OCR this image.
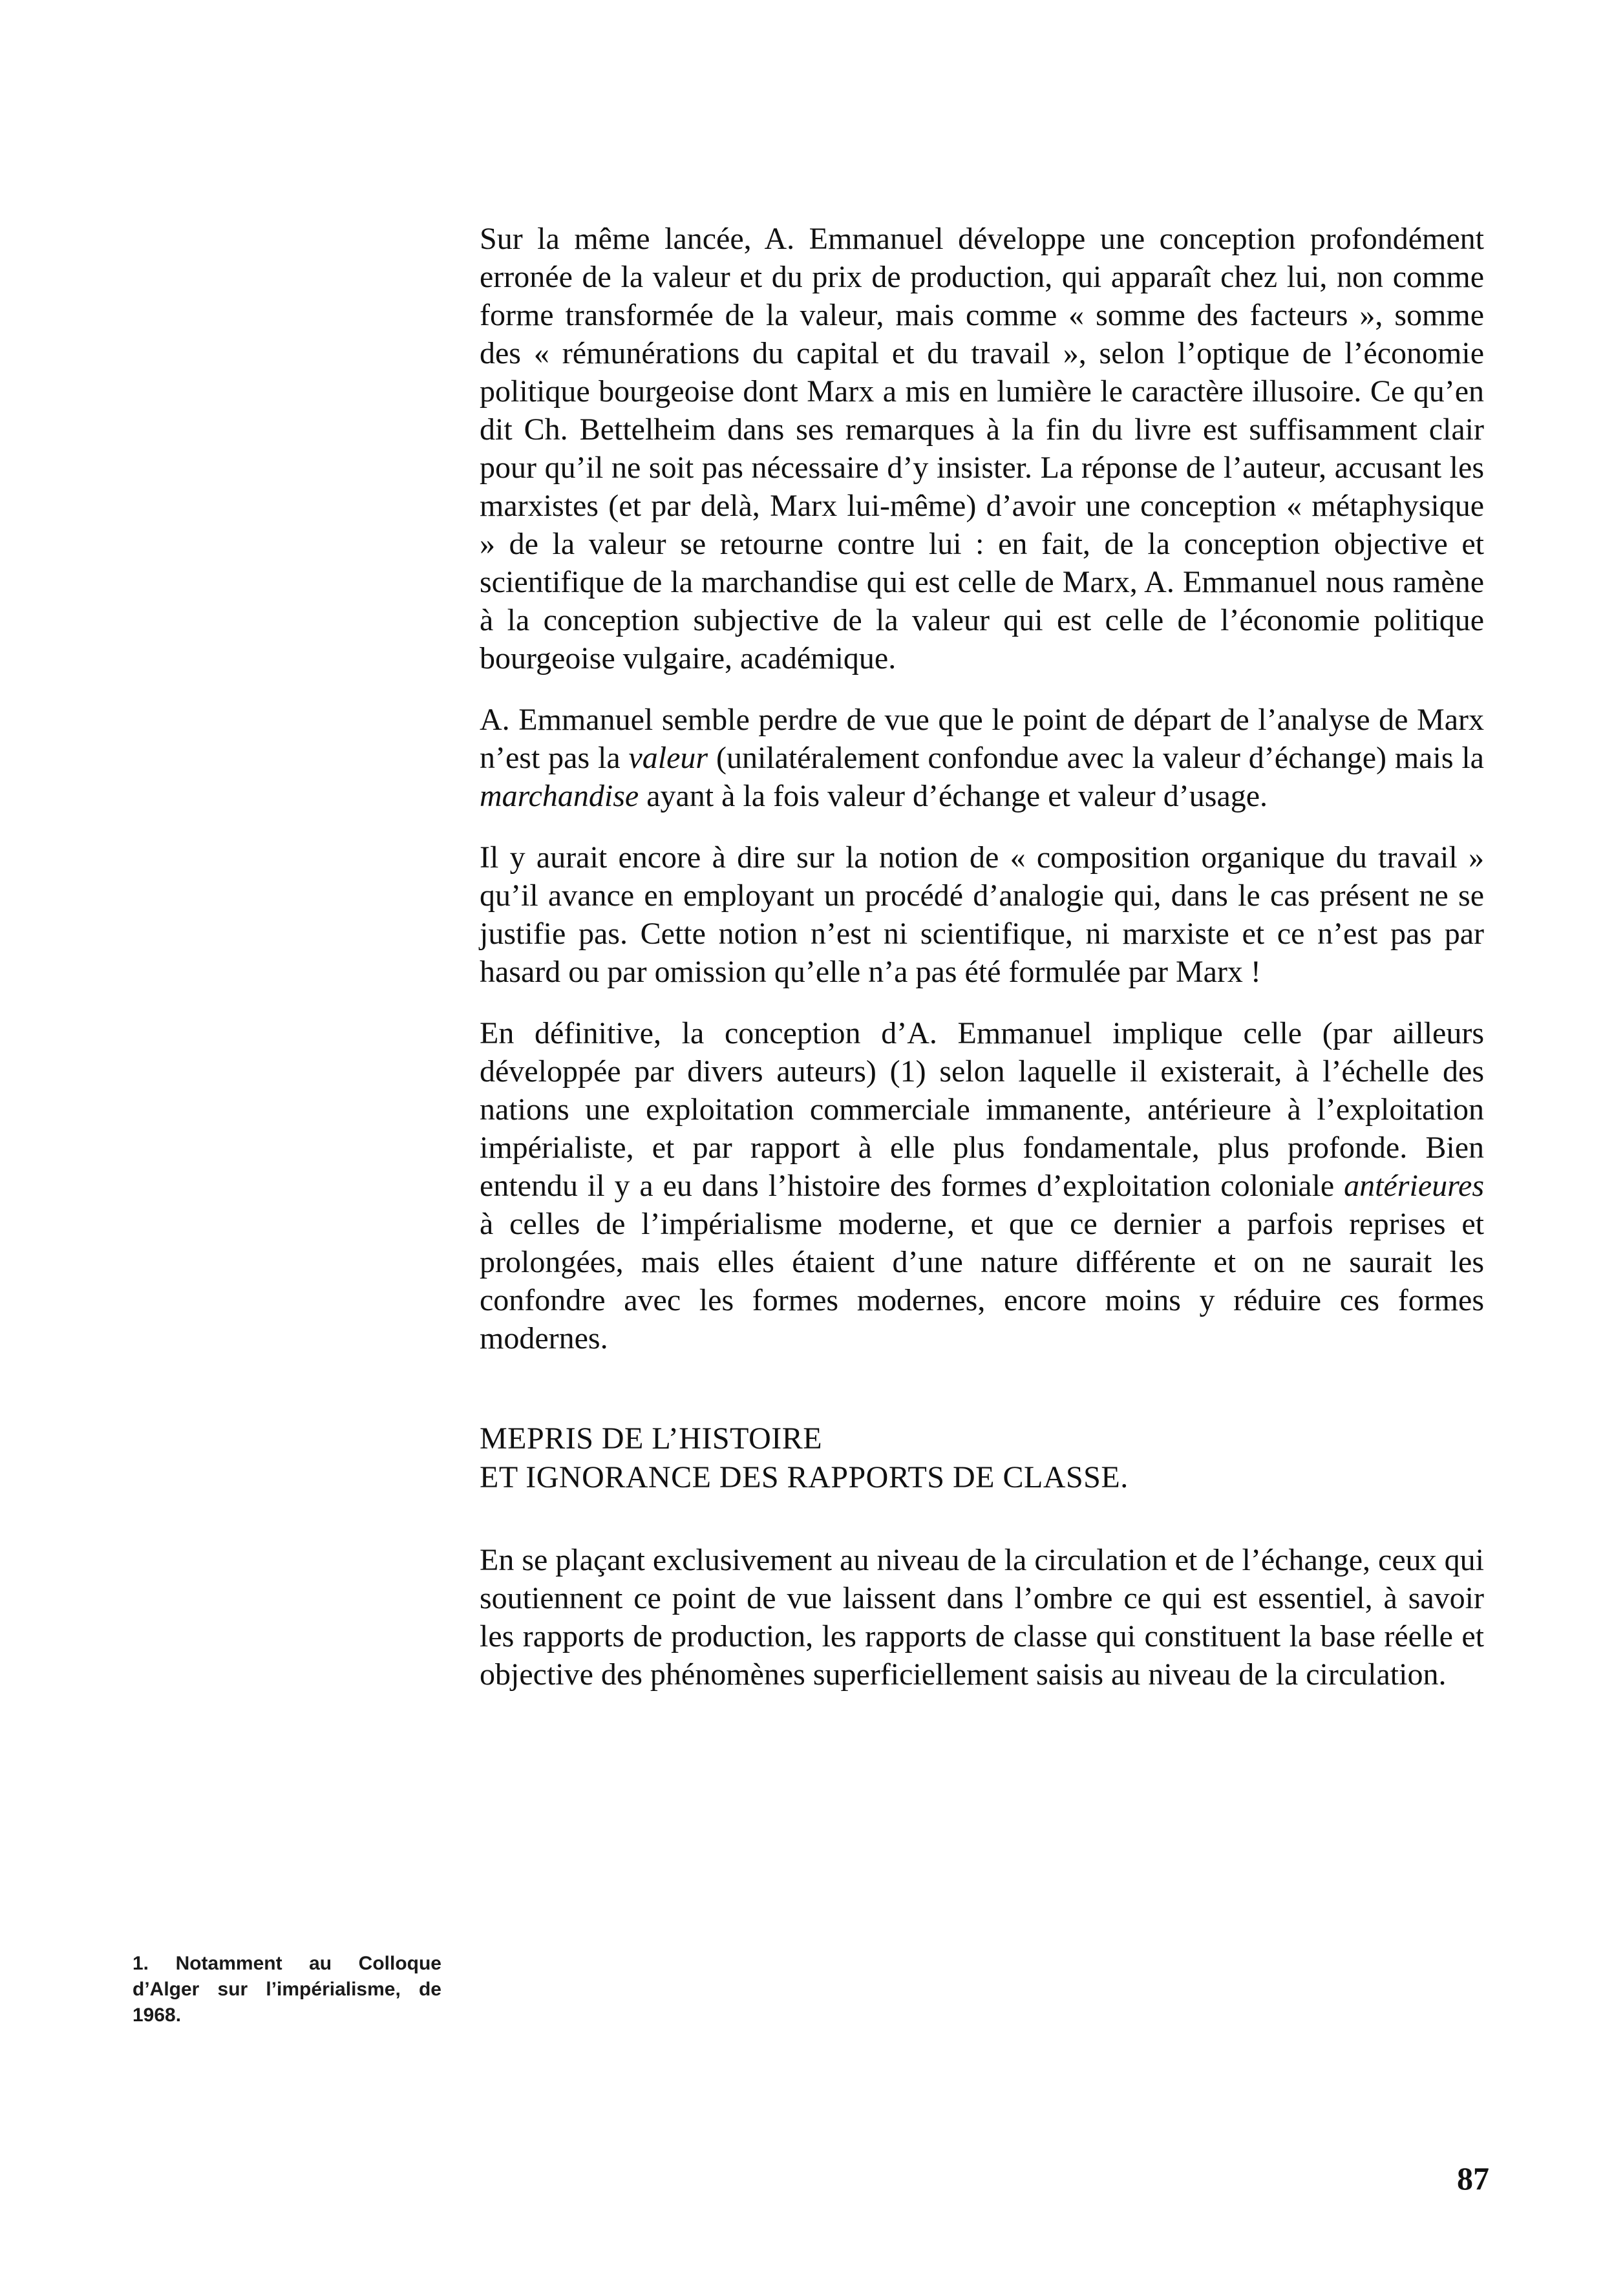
Sur la même lancée, A. Emmanuel développe une conception profondément erronée de la valeur et du prix de production, qui apparaît chez lui, non comme forme transformée de la valeur, mais comme « somme des facteurs », somme des « rémunérations du capital et du travail », selon l’optique de l’économie politique bourgeoise dont Marx a mis en lumière le caractère illusoire. Ce qu’en dit Ch. Bettelheim dans ses remarques à la fin du livre est suffisamment clair pour qu’il ne soit pas nécessaire d’y insister. La réponse de l’auteur, accusant les marxistes (et par delà, Marx lui-même) d’avoir une conception « métaphysique » de la valeur se retourne contre lui : en fait, de la conception objective et scientifique de la marchandise qui est celle de Marx, A. Emmanuel nous ramène à la conception subjective de la valeur qui est celle de l’économie politique bourgeoise vulgaire, académique.

A. Emmanuel semble perdre de vue que le point de départ de l’analyse de Marx n’est pas la valeur (unilatéralement confondue avec la valeur d’échange) mais la marchandise ayant à la fois valeur d’échange et valeur d’usage.

Il y aurait encore à dire sur la notion de « composition organique du travail » qu’il avance en employant un procédé d’analogie qui, dans le cas présent ne se justifie pas. Cette notion n’est ni scientifique, ni marxiste et ce n’est pas par hasard ou par omission qu’elle n’a pas été formulée par Marx !

En définitive, la conception d’A. Emmanuel implique celle (par ailleurs développée par divers auteurs) (1) selon laquelle il existerait, à l’échelle des nations une exploitation commerciale immanente, antérieure à l’exploitation impérialiste, et par rapport à elle plus fondamentale, plus profonde. Bien entendu il y a eu dans l’histoire des formes d’exploitation coloniale antérieures à celles de l’impérialisme moderne, et que ce dernier a parfois reprises et prolongées, mais elles étaient d’une nature différente et on ne saurait les confondre avec les formes modernes, encore moins y réduire ces formes modernes.

MEPRIS DE L’HISTOIRE
ET IGNORANCE DES RAPPORTS DE CLASSE.

En se plaçant exclusivement au niveau de la circulation et de l’échange, ceux qui soutiennent ce point de vue laissent dans l’ombre ce qui est essentiel, à savoir les rapports de production, les rapports de classe qui constituent la base réelle et objective des phénomènes superficiellement saisis au niveau de la circulation.

1. Notamment au Colloque d’Alger sur l’impérialisme, de 1968.
87
